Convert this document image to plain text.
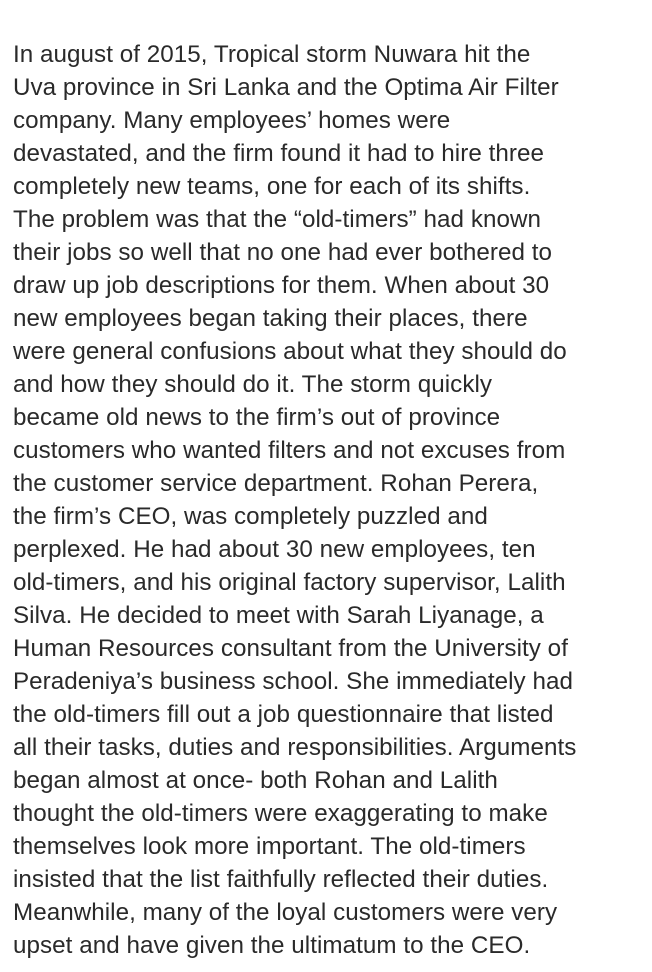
In august of 2015, Tropical storm Nuwara hit the
Uva province in Sri Lanka and the Optima Air Filter
company. Many employees’ homes were
devastated, and the firm found it had to hire three
completely new teams, one for each of its shifts.
The problem was that the “old-timers” had known
their jobs so well that no one had ever bothered to
draw up job descriptions for them. When about 30
new employees began taking their places, there
were general confusions about what they should do
and how they should do it. The storm quickly
became old news to the firm’s out of province
customers who wanted filters and not excuses from
the customer service department. Rohan Perera,
the firm’s CEO, was completely puzzled and
perplexed. He had about 30 new employees, ten
old-timers, and his original factory supervisor, Lalith
Silva. He decided to meet with Sarah Liyanage, a
Human Resources consultant from the University of
Peradeniya’s business school. She immediately had
the old-timers fill out a job questionnaire that listed
all their tasks, duties and responsibilities. Arguments
began almost at once- both Rohan and Lalith
thought the old-timers were exaggerating to make
themselves look more important. The old-timers
insisted that the list faithfully reflected their duties.
Meanwhile, many of the loyal customers were very
upset and have given the ultimatum to the CEO.
